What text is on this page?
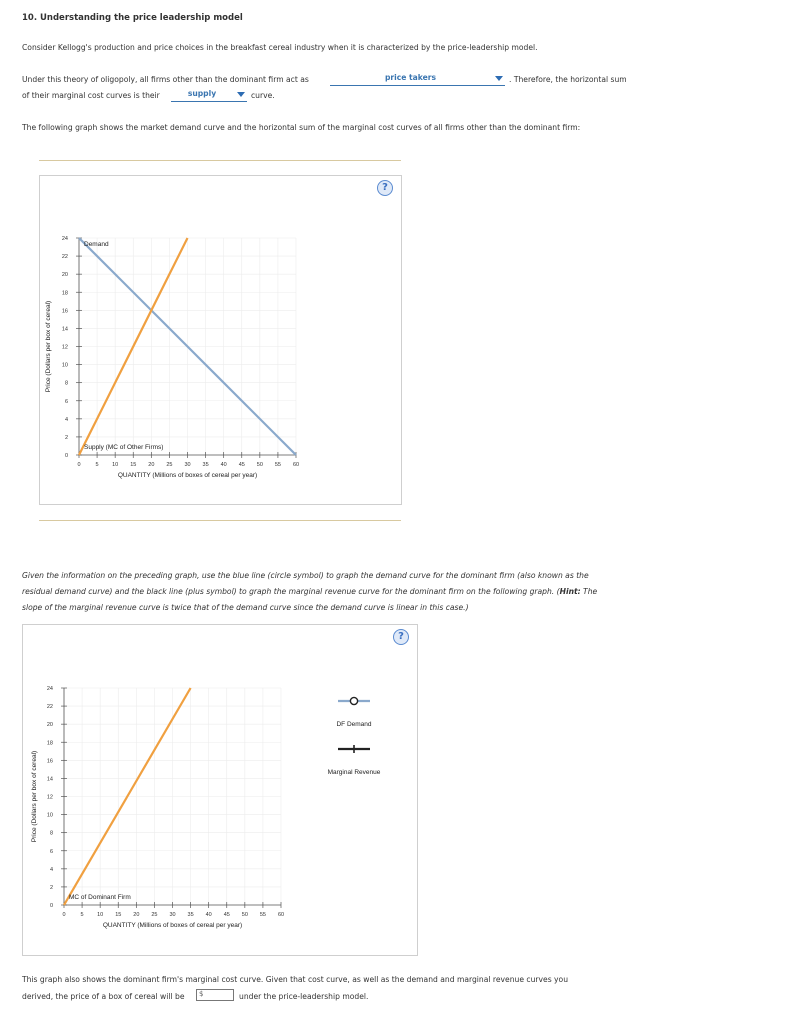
10. Understanding the price leadership model
Consider Kellogg's production and price choices in the breakfast cereal industry when it is characterized by the price-leadership model.
Under this theory of oligopoly, all firms other than the dominant firm act as	price takers	. Therefore, the horizontal sum
of their marginal cost curves is their	supply	curve.
The following graph shows the market demand curve and the horizontal sum of the marginal cost curves of all firms other than the dominant firm:
?
0
2
4
6
8
10
12
14
16
18
20
22
24
0	5 10 15 20 25 30 35 40 45 50 55 60
QUANTITY (Millions of boxes of cereal per year)
Price (Dollars per box of cereal)
Demand
Supply (MC of Other Firms)
Given the information on the preceding graph, use the blue line (circle symbol) to graph the demand curve for the dominant firm (also known as the
residual demand curve) and the black line (plus symbol) to graph the marginal revenue curve for the dominant firm on the following graph. (Hint: The
slope of the marginal revenue curve is twice that of the demand curve since the demand curve is linear in this case.)
?
0
2
4
6
8
10
12
14
16
18
20
22
24
0	5 10 15 20 25 30 35 40 45 50 55 60
QUANTITY (Millions of boxes of cereal per year)
Price (Dollars per box of cereal)
MC of Dominant Firm
DF Demand
Marginal Revenue
This graph also shows the dominant firm's marginal cost curve. Given that cost curve, as well as the demand and marginal revenue curves you
derived, the price of a box of cereal will be	$	under the price-leadership model.
